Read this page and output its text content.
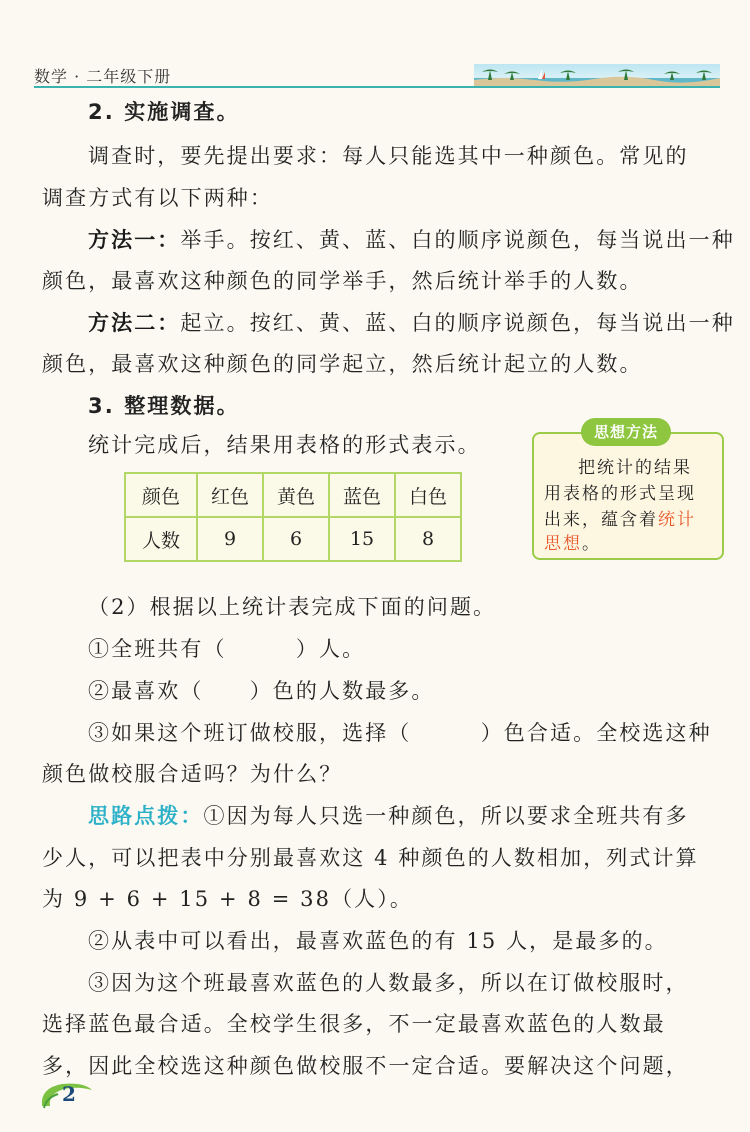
数学 · 二年级下册
2. 实施调查。
调查时，要先提出要求：每人只能选其中一种颜色。常见的
调查方式有以下两种：
方法一：举手。按红、黄、蓝、白的顺序说颜色，每当说出一种
颜色，最喜欢这种颜色的同学举手，然后统计举手的人数。
方法二：起立。按红、黄、蓝、白的顺序说颜色，每当说出一种
颜色，最喜欢这种颜色的同学起立，然后统计起立的人数。
3. 整理数据。
统计完成后，结果用表格的形式表示。
颜色	红色	黄色	蓝色	白色
人数	9	6	15	8
思想方法
把统计的结果
用表格的形式呈现
出来，蕴含着统计
思想。
（2）根据以上统计表完成下面的问题。
①全班共有（　　　）人。
②最喜欢（　　）色的人数最多。
③如果这个班订做校服，选择（　　　）色合适。全校选这种
颜色做校服合适吗？为什么？
思路点拨：①因为每人只选一种颜色，所以要求全班共有多
少人，可以把表中分别最喜欢这 4 种颜色的人数相加，列式计算
为 9 + 6 + 15 + 8 = 38（人）。
②从表中可以看出，最喜欢蓝色的有 15 人，是最多的。
③因为这个班最喜欢蓝色的人数最多，所以在订做校服时，
选择蓝色最合适。全校学生很多，不一定最喜欢蓝色的人数最
多，因此全校选这种颜色做校服不一定合适。要解决这个问题，
2
